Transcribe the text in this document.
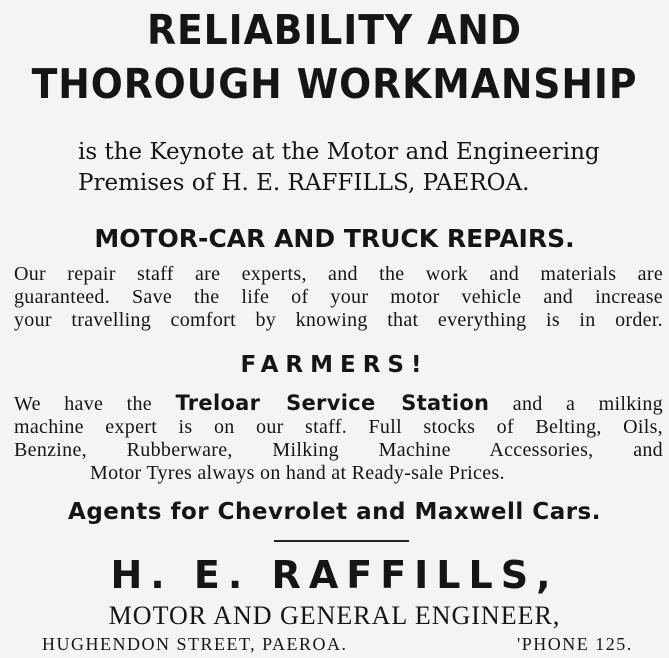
RELIABILITY AND
THOROUGH WORKMANSHIP
is the Keynote at the Motor and Engineering
Premises of H. E. RAFFILLS, PAEROA.
MOTOR-CAR AND TRUCK REPAIRS.
Our repair staff are experts, and the work and materials are
guaranteed. Save the life of your motor vehicle and increase
your travelling comfort by knowing that everything is in order.
FARMERS!
We have the Treloar Service Station and a milking
machine expert is on our staff. Full stocks of Belting, Oils,
Benzine, Rubberware, Milking Machine Accessories, and
Motor Tyres always on hand at Ready-sale Prices.
Agents for Chevrolet and Maxwell Cars.
H. E. RAFFILLS,
MOTOR AND GENERAL ENGINEER,
HUGHENDON STREET, PAEROA.	'PHONE 125.
